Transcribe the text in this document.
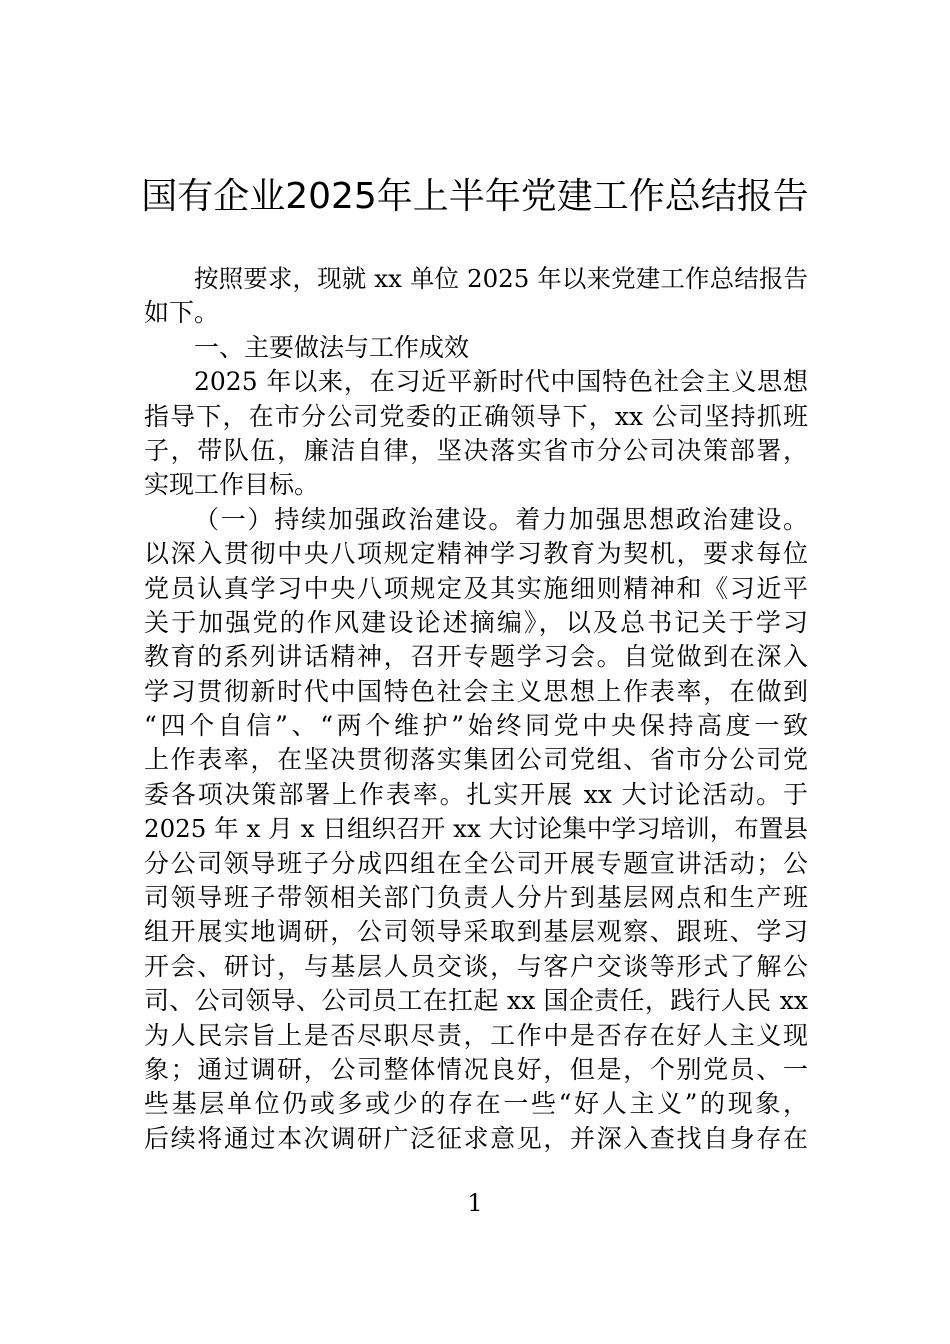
国有企业2025年上半年党建工作总结报告
按照要求，现就 xx 单位 2025 年以来党建工作总结报告
如下。
一、主要做法与工作成效
2025 年以来，在习近平新时代中国特色社会主义思想
指导下，在市分公司党委的正确领导下，xx 公司坚持抓班
子，带队伍，廉洁自律，坚决落实省市分公司决策部署，
实现工作目标。
（一）持续加强政治建设。着力加强思想政治建设。
以深入贯彻中央八项规定精神学习教育为契机，要求每位
党员认真学习中央八项规定及其实施细则精神和《习近平
关于加强党的作风建设论述摘编》，以及总书记关于学习
教育的系列讲话精神，召开专题学习会。自觉做到在深入
学习贯彻新时代中国特色社会主义思想上作表率，在做到
“四个自信”、“两个维护”始终同党中央保持高度一致
上作表率，在坚决贯彻落实集团公司党组、省市分公司党
委各项决策部署上作表率。扎实开展 xx 大讨论活动。于
2025 年 x 月 x 日组织召开 xx 大讨论集中学习培训，布置县
分公司领导班子分成四组在全公司开展专题宣讲活动；公
司领导班子带领相关部门负责人分片到基层网点和生产班
组开展实地调研，公司领导采取到基层观察、跟班、学习
开会、研讨，与基层人员交谈，与客户交谈等形式了解公
司、公司领导、公司员工在扛起 xx 国企责任，践行人民 xx
为人民宗旨上是否尽职尽责，工作中是否存在好人主义现
象；通过调研，公司整体情况良好，但是，个别党员、一
些基层单位仍或多或少的存在一些“好人主义”的现象，
后续将通过本次调研广泛征求意见，并深入查找自身存在
1
